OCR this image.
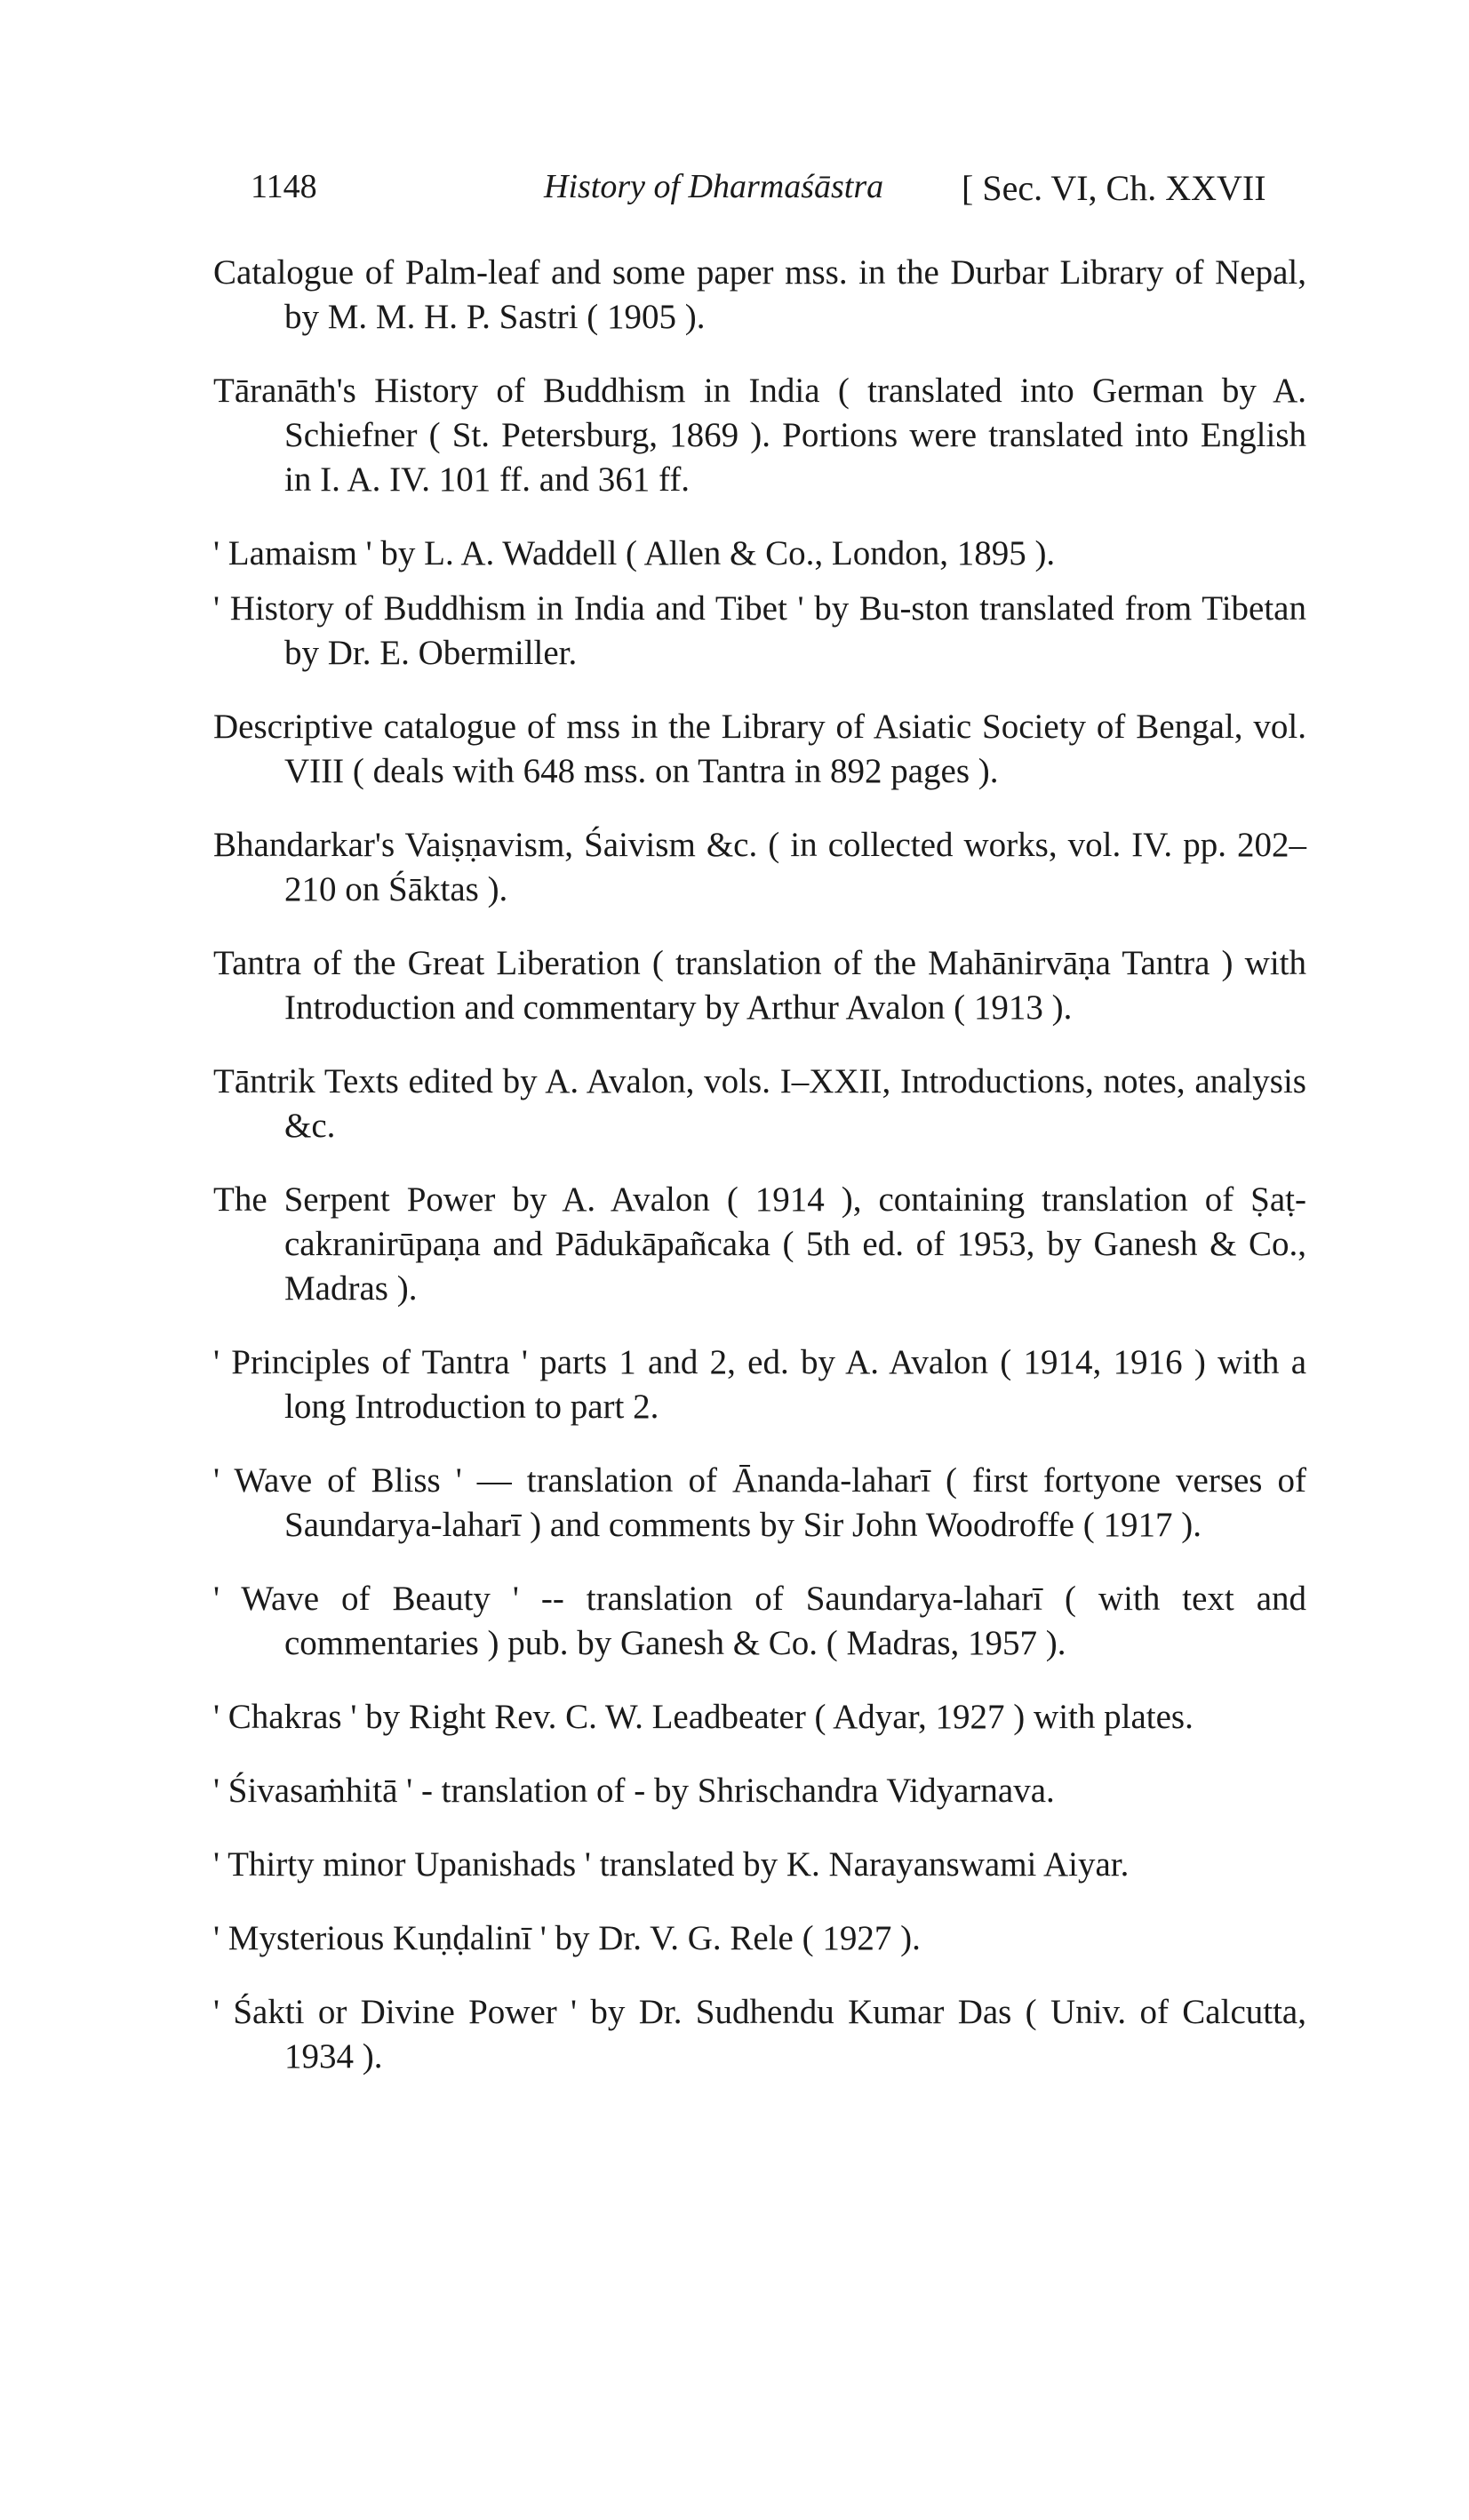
1148	History of Dharmaśāstra [ Sec. VI, Ch. XXVII

Catalogue of Palm-leaf and some paper mss. in the Durbar Library of Nepal, by M. M. H. P. Sastri ( 1905 ).

Tāranāth's History of Buddhism in India ( translated into German by A. Schiefner ( St. Petersburg, 1869 ). Portions were translated into English in I. A. IV. 101 ff. and 361 ff.

' Lamaism ' by L. A. Waddell ( Allen & Co., London, 1895 ).

' History of Buddhism in India and Tibet ' by Bu-ston translated from Tibetan by Dr. E. Obermiller.

Descriptive catalogue of mss in the Library of Asiatic Society of Bengal, vol. VIII ( deals with 648 mss. on Tantra in 892 pages ).

Bhandarkar's Vaiṣṇavism, Śaivism &c. ( in collected works, vol. IV. pp. 202–210 on Śāktas ).

Tantra of the Great Liberation ( translation of the Mahānirvāṇa Tantra ) with Introduction and commentary by Arthur Avalon ( 1913 ).

Tāntrik Texts edited by A. Avalon, vols. I–XXII, Introductions, notes, analysis &c.

The Serpent Power by A. Avalon ( 1914 ), containing translation of Ṣaṭ-cakranirūpaṇa and Pādukāpañcaka ( 5th ed. of 1953, by Ganesh & Co., Madras ).

' Principles of Tantra ' parts 1 and 2, ed. by A. Avalon ( 1914, 1916 ) with a long Introduction to part 2.

' Wave of Bliss ' — translation of Ānanda-laharī ( first fortyone verses of Saundarya-laharī ) and comments by Sir John Woodroffe ( 1917 ).

' Wave of Beauty ' -- translation of Saundarya-laharī ( with text and commentaries ) pub. by Ganesh & Co. ( Madras, 1957 ).

' Chakras ' by Right Rev. C. W. Leadbeater ( Adyar, 1927 ) with plates.

' Śivasaṁhitā ' - translation of - by Shrischandra Vidyarnava.

' Thirty minor Upanishads ' translated by K. Narayanswami Aiyar.

' Mysterious Kuṇḍalinī ' by Dr. V. G. Rele ( 1927 ).

' Śakti or Divine Power ' by Dr. Sudhendu Kumar Das ( Univ. of Calcutta, 1934 ).
